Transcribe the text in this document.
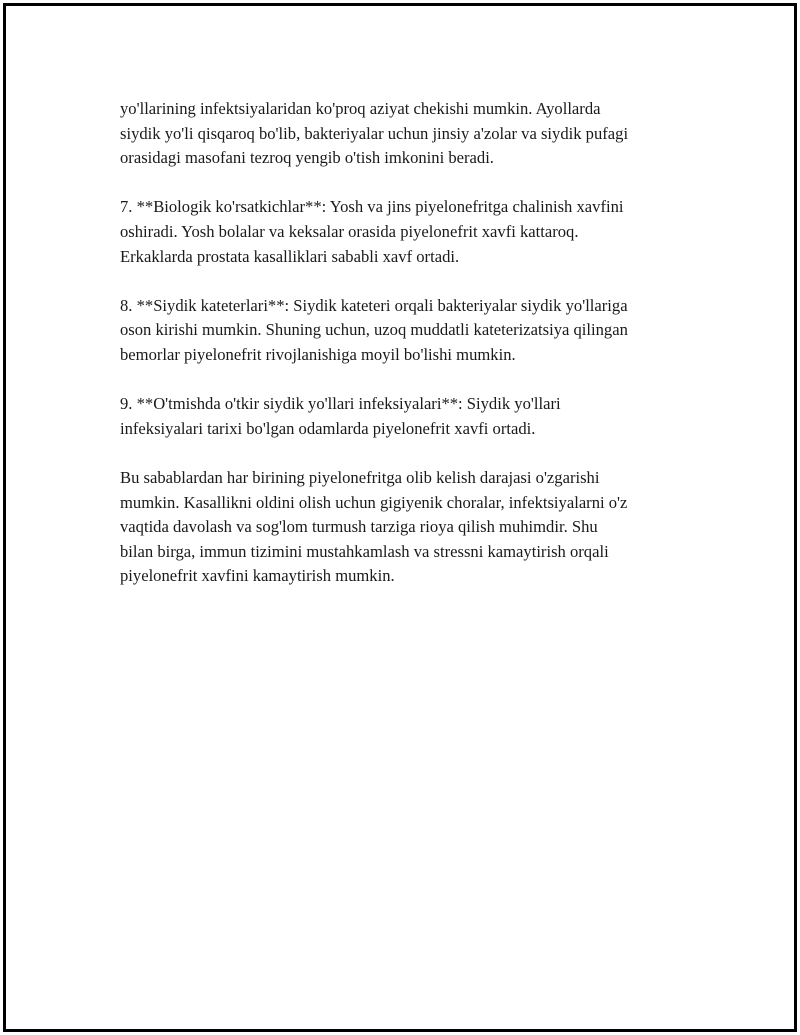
yo'llarining infektsiyalaridan ko'proq aziyat chekishi mumkin. Ayollarda
siydik yo'li qisqaroq bo'lib, bakteriyalar uchun jinsiy a'zolar va siydik pufagi
orasidagi masofani tezroq yengib o'tish imkonini beradi.

7. **Biologik ko'rsatkichlar**: Yosh va jins piyelonefritga chalinish xavfini
oshiradi. Yosh bolalar va keksalar orasida piyelonefrit xavfi kattaroq.
Erkaklarda prostata kasalliklari sababli xavf ortadi.

8. **Siydik kateterlari**: Siydik kateteri orqali bakteriyalar siydik yo'llariga
oson kirishi mumkin. Shuning uchun, uzoq muddatli kateterizatsiya qilingan
bemorlar piyelonefrit rivojlanishiga moyil bo'lishi mumkin.

9. **O'tmishda o'tkir siydik yo'llari infeksiyalari**: Siydik yo'llari
infeksiyalari tarixi bo'lgan odamlarda piyelonefrit xavfi ortadi.

Bu sabablardan har birining piyelonefritga olib kelish darajasi o'zgarishi
mumkin. Kasallikni oldini olish uchun gigiyenik choralar, infektsiyalarni o'z
vaqtida davolash va sog'lom turmush tarziga rioya qilish muhimdir. Shu
bilan birga, immun tizimini mustahkamlash va stressni kamaytirish orqali
piyelonefrit xavfini kamaytirish mumkin.
